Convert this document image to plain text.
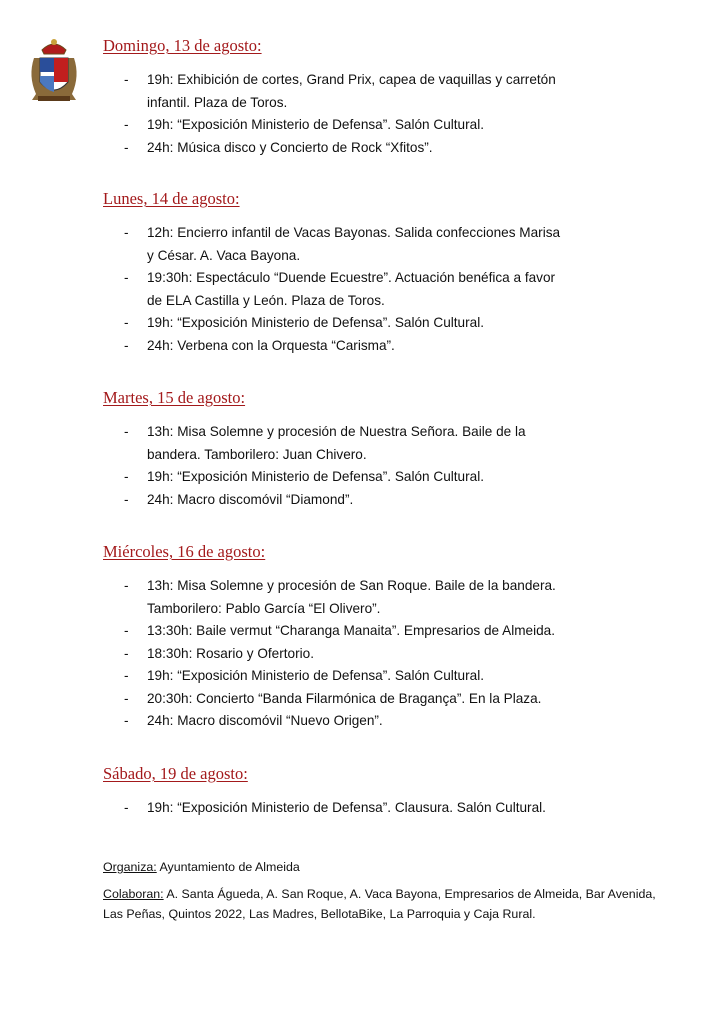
Domingo, 13 de agosto:
- 19h: Exhibición de cortes, Grand Prix, capea de vaquillas y carretón
infantil. Plaza de Toros.
- 19h: “Exposición Ministerio de Defensa”. Salón Cultural.
- 24h: Música disco y Concierto de Rock “Xfitos”.
Lunes, 14 de agosto:
- 12h: Encierro infantil de Vacas Bayonas. Salida confecciones Marisa
y César. A. Vaca Bayona.
- 19:30h: Espectáculo “Duende Ecuestre”. Actuación benéfica a favor
de ELA Castilla y León. Plaza de Toros.
- 19h: “Exposición Ministerio de Defensa”. Salón Cultural.
- 24h: Verbena con la Orquesta “Carisma”.
Martes, 15 de agosto:
- 13h: Misa Solemne y procesión de Nuestra Señora. Baile de la
bandera. Tamborilero: Juan Chivero.
- 19h: “Exposición Ministerio de Defensa”. Salón Cultural.
- 24h: Macro discomóvil “Diamond”.
Miércoles, 16 de agosto:
- 13h: Misa Solemne y procesión de San Roque. Baile de la bandera.
Tamborilero: Pablo García “El Olivero”.
- 13:30h: Baile vermut “Charanga Manaita”. Empresarios de Almeida.
- 18:30h: Rosario y Ofertorio.
- 19h: “Exposición Ministerio de Defensa”. Salón Cultural.
- 20:30h: Concierto “Banda Filarmónica de Bragança”. En la Plaza.
- 24h: Macro discomóvil “Nuevo Origen”.
Sábado, 19 de agosto:
- 19h: “Exposición Ministerio de Defensa”. Clausura. Salón Cultural.
Organiza: Ayuntamiento de Almeida
Colaboran: A. Santa Águeda, A. San Roque, A. Vaca Bayona, Empresarios de Almeida, Bar Avenida, Las Peñas, Quintos 2022, Las Madres, BellotaBike, La Parroquia y Caja Rural.
